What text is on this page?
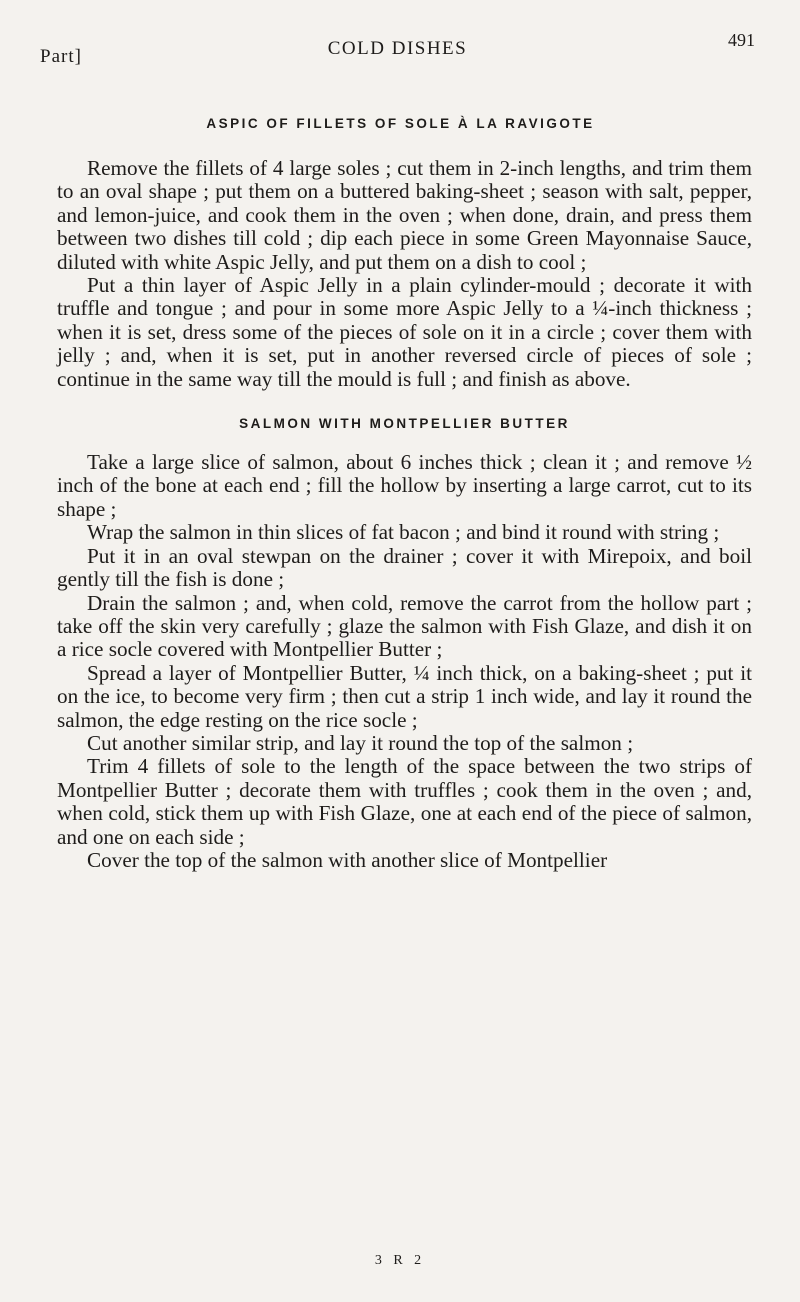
Part]	COLD DISHES	491
ASPIC OF FILLETS OF SOLE À LA RAVIGOTE

Remove the fillets of 4 large soles ; cut them in 2-inch lengths, and trim them to an oval shape ; put them on a buttered baking-sheet ; season with salt, pepper, and lemon-juice, and cook them in the oven ; when done, drain, and press them between two dishes till cold ; dip each piece in some Green Mayonnaise Sauce, diluted with white Aspic Jelly, and put them on a dish to cool ;

Put a thin layer of Aspic Jelly in a plain cylinder-mould ; decorate it with truffle and tongue ; and pour in some more Aspic Jelly to a ¼-inch thickness ; when it is set, dress some of the pieces of sole on it in a circle ; cover them with jelly ; and, when it is set, put in another reversed circle of pieces of sole ; continue in the same way till the mould is full ; and finish as above.

SALMON WITH MONTPELLIER BUTTER

Take a large slice of salmon, about 6 inches thick ; clean it ; and remove ½ inch of the bone at each end ; fill the hollow by inserting a large carrot, cut to its shape ;

Wrap the salmon in thin slices of fat bacon ; and bind it round with string ;

Put it in an oval stewpan on the drainer ; cover it with Mirepoix, and boil gently till the fish is done ;

Drain the salmon ; and, when cold, remove the carrot from the hollow part ; take off the skin very carefully ; glaze the salmon with Fish Glaze, and dish it on a rice socle covered with Montpellier Butter ;

Spread a layer of Montpellier Butter, ¼ inch thick, on a baking-sheet ; put it on the ice, to become very firm ; then cut a strip 1 inch wide, and lay it round the salmon, the edge resting on the rice socle ;

Cut another similar strip, and lay it round the top of the salmon ;

Trim 4 fillets of sole to the length of the space between the two strips of Montpellier Butter ; decorate them with truffles ; cook them in the oven ; and, when cold, stick them up with Fish Glaze, one at each end of the piece of salmon, and one on each side ;

Cover the top of the salmon with another slice of Montpellier

3 R 2
